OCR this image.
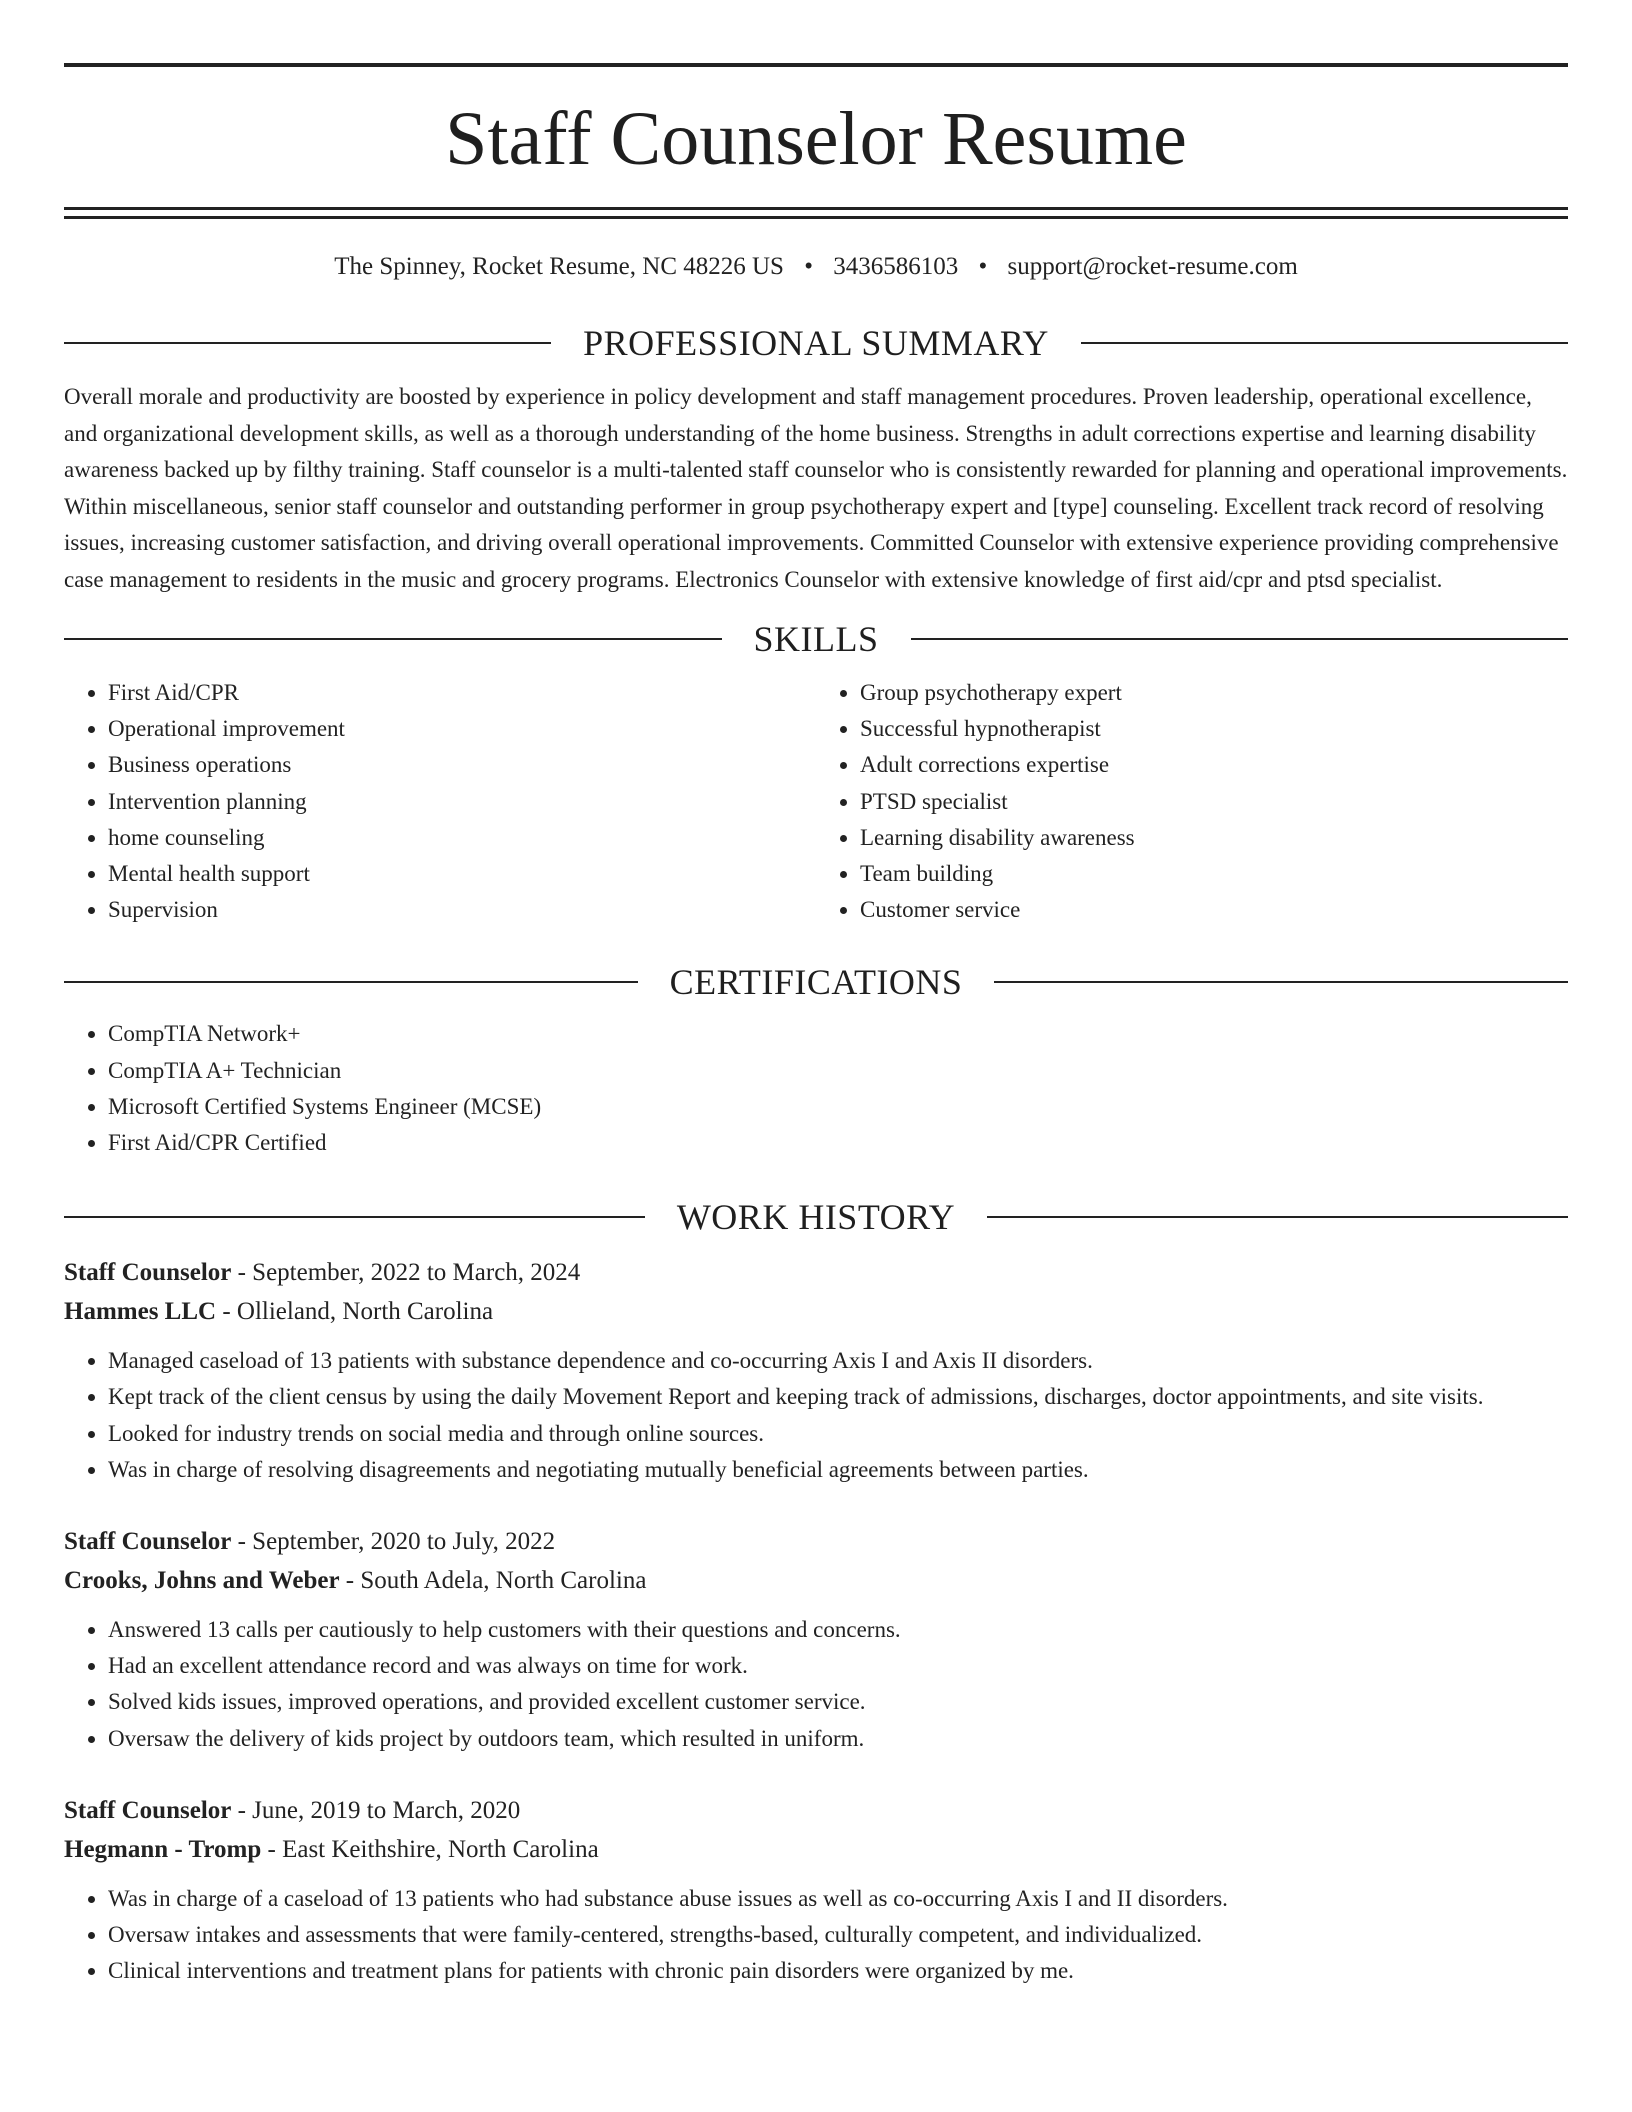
Staff Counselor Resume
The Spinney, Rocket Resume, NC 48226 US • 3436586103 • support@rocket-resume.com
PROFESSIONAL SUMMARY

Overall morale and productivity are boosted by experience in policy development and staff management procedures. Proven leadership, operational excellence, and organizational development skills, as well as a thorough understanding of the home business. Strengths in adult corrections expertise and learning disability awareness backed up by filthy training. Staff counselor is a multi-talented staff counselor who is consistently rewarded for planning and operational improvements. Within miscellaneous, senior staff counselor and outstanding performer in group psychotherapy expert and [type] counseling. Excellent track record of resolving issues, increasing customer satisfaction, and driving overall operational improvements. Committed Counselor with extensive experience providing comprehensive case management to residents in the music and grocery programs. Electronics Counselor with extensive knowledge of first aid/cpr and ptsd specialist.

SKILLS
• First Aid/CPR
• Operational improvement
• Business operations
• Intervention planning
• home counseling
• Mental health support
• Supervision
• Group psychotherapy expert
• Successful hypnotherapist
• Adult corrections expertise
• PTSD specialist
• Learning disability awareness
• Team building
• Customer service
CERTIFICATIONS
• CompTIA Network+
• CompTIA A+ Technician
• Microsoft Certified Systems Engineer (MCSE)
• First Aid/CPR Certified
WORK HISTORY
Staff Counselor - September, 2022 to March, 2024
Hammes LLC - Ollieland, North Carolina
• Managed caseload of 13 patients with substance dependence and co-occurring Axis I and Axis II disorders.
• Kept track of the client census by using the daily Movement Report and keeping track of admissions, discharges, doctor appointments, and site visits.
• Looked for industry trends on social media and through online sources.
• Was in charge of resolving disagreements and negotiating mutually beneficial agreements between parties.
Staff Counselor - September, 2020 to July, 2022
Crooks, Johns and Weber - South Adela, North Carolina
• Answered 13 calls per cautiously to help customers with their questions and concerns.
• Had an excellent attendance record and was always on time for work.
• Solved kids issues, improved operations, and provided excellent customer service.
• Oversaw the delivery of kids project by outdoors team, which resulted in uniform.
Staff Counselor - June, 2019 to March, 2020
Hegmann - Tromp - East Keithshire, North Carolina
• Was in charge of a caseload of 13 patients who had substance abuse issues as well as co-occurring Axis I and II disorders.
• Oversaw intakes and assessments that were family-centered, strengths-based, culturally competent, and individualized.
• Clinical interventions and treatment plans for patients with chronic pain disorders were organized by me.
